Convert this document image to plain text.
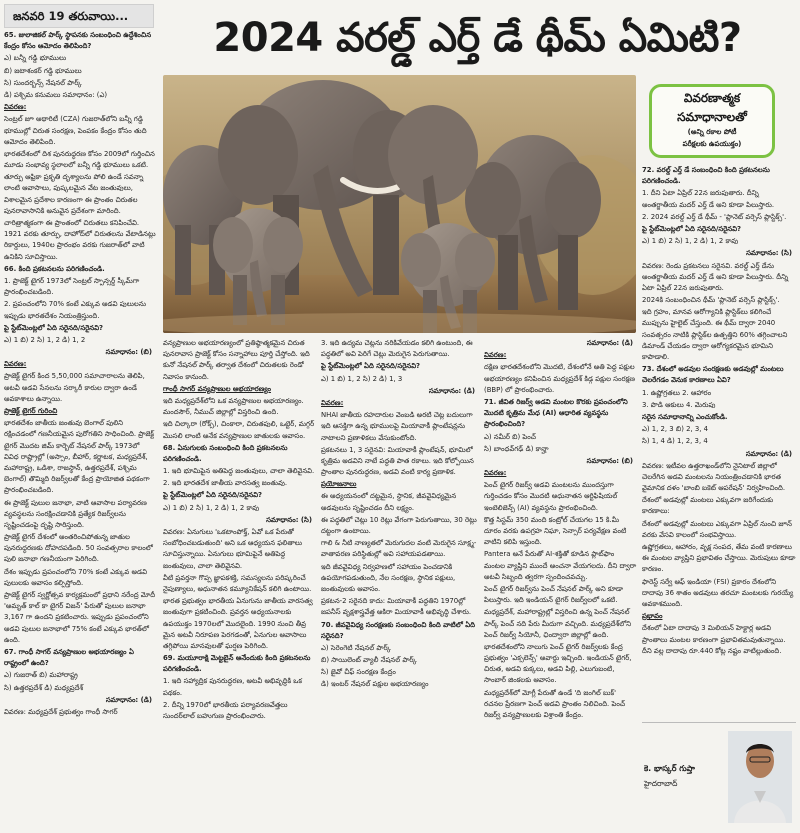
జనవరి 19 తరువాయి...	2024 వరల్డ్ ఎర్త్ డే థీమ్ ఏమిటి?
65. జులాజికల్ పార్క్ స్థాపనకు సంబంధించి ఉద్దేశించిన కేంద్రం కోసం ఆమోదం తెలిపింది?
ఎ) బన్నీ గడ్డి భూములు
బి) జటాశంకర్ గడ్డి భూములు
సి) సుందర్బన్స్ నేషనల్ పార్క్
డి) పశ్చిమ కనుమలు సమాధానం: (ఎ)
వివరణ:
సెంట్రల్ జూ అథారిటీ (CZA) గుజరాత్‌లోని బన్నీ గడ్డి భూముల్లో చిరుత సంరక్షణ, పెంపకం కేంద్రం కోసం తుది ఆమోదం తెలిపింది.
భారతదేశంలో దిశ పునరుద్ధరణ కోసం 2009లో గుర్తించిన మూడు సంభావ్య స్థలాలలో బన్నీ గడ్డి భూములు ఒకటి.
తూర్పు ఆఫ్రికా ప్రకృతి దృశ్యాలను పోలి ఉండే సవన్నా లాంటి ఆవాసాలు, పుష్కలమైన వేట జంతువులు, విశాలమైన ప్రదేశాల కారణంగా ఈ ప్రాంతం చిరుతల పునరావాసానికి అనువైన ప్రదేశంగా మారింది.
చారిత్రాత్మకంగా ఈ ప్రాంతంలో చిరుతలు కనిపించేవి. 1921 వరకు తూర్పు, దాహోద్‌లో చిరుతలను వేటాడినట్లు రికార్డులు, 1940ల ప్రారంభం వరకు గుజరాత్‌లో వాటి ఉనికిని సూచిస్తాయి.
66. కింది ప్రకటనలను పరిగణించండి.
1. ప్రాజెక్ట్ టైగర్ 1973లో సెంట్రల్ స్పాన్సర్డ్ స్కీమ్‌గా ప్రారంభించబడింది.
2. ప్రపంచంలోని 70% కంటే ఎక్కువ అడవి పులులను ఇప్పుడు భారతదేశం నియంత్రిస్తుంది.
పై స్టేట్‌మెంట్లలో ఏది సరైనది/సరైనవి?
ఎ) 1 బి) 2 సి) 1, 2 డి) 1, 2
సమాధానం: (బి)
వివరణ:
ప్రాజెక్ట్ టైగర్ కింద 5,50,000 సమాచారాలను తెలిపి, అటవీ అడవి సేనలను సర్కారీ కారుల ద్వారా ఉండే అవకాశాలు ఉన్నాయి.
ప్రాజెక్ట్ టైగర్ గురించి
భారతదేశం జాతీయ జంతువు బెంగాల్ పులిని రక్షించడంలో గణనీయమైన పురోగతిని సాధించింది. ప్రాజెక్ట్ టైగర్ మొదట జిమ్ కార్బెట్ నేషనల్ పార్క్ 1973లో వివిధ రాష్ట్రాల్లో (అస్సాం, బీహార్, కర్ణాటక, మధ్యప్రదేశ్, మహారాష్ట్ర, ఒడిశా, రాజస్థాన్, ఉత్తరప్రదేశ్, పశ్చిమ బెంగాల్) తొమ్మిది రిజర్వ్‌లతో కేంద్ర ప్రాయోజిత పథకంగా ప్రారంభించబడింది.
ఈ ప్రాజెక్ట్ పులుల జనాభా, వాటి ఆవాసాల పర్యావరణ వ్యవస్థలను సంరక్షించడానికి ప్రత్యేక రిజర్వ్‌లను సృష్టించడంపై దృష్టి సారిస్తుంది.
ప్రాజెక్ట్ టైగర్ దేశంలో అంతరించిపోతున్న జాతుల పునరుద్ధరణకు దోహదపడింది. 50 సంవత్సరాల కాలంలో పులి జనాభా గణనీయంగా పెరిగింది.
దేశం ఇప్పుడు ప్రపంచంలోని 70% కంటే ఎక్కువ అడవి పులులకు ఆవాసం కల్పిస్తోంది.
ప్రాజెక్ట్ టైగర్ స్వర్ణోత్సవ కార్యక్రమంలో ప్రధాని నరేంద్ర మోదీ 'అమృత్ కాల్ కా టైగర్ విజన్' పేరుతో పులుల జనాభా 3,167 గా ఉందని ప్రకటించారు. ఇప్పుడు ప్రపంచంలోని అడవి పులుల జనాభాలో 75% కంటే ఎక్కువ భారత్‌లో ఉంది.
67. గాంధీ సాగర్ వన్యప్రాణుల అభయారణ్యం ఏ రాష్ట్రంలో ఉంది?
ఎ) గుజరాత్ బి) మహారాష్ట్ర
సి) ఉత్తరప్రదేశ్ డి) మధ్యప్రదేశ్
సమాధానం: (డి)
వివరణ: మధ్యప్రదేశ్ ప్రభుత్వం గాంధీ సాగర్
వివరణాత్మక
సమాధానాలతో
(అన్ని రకాల పోటీ
పరీక్షలకు ఉపయుక్తం)
వన్యప్రాణుల అభయారణ్యంలో ప్రతిష్ఠాత్మకమైన చిరుత పునరావాస ప్రాజెక్ట్ కోసం సన్నాహాలు పూర్తి చేస్తోంది. ఇది కునో నేషనల్ పార్క్ తర్వాత దేశంలో చిరుతలకు రెండో నివాసం కానుంది.
గాంధీ సాగర్ వన్యప్రాణుల అభయారణ్యం
ఇది మధ్యప్రదేశ్‌లోని ఒక వన్యప్రాణుల అభయారణ్యం. మందసౌర్, నీముచ్ జిల్లాల్లో విస్తరించి ఉంది.
ఇది చిల్కారా (రోక్స్), చింకారా, చిరుతపులి, ఒట్టెర్, మగ్గర్ మొసలి లాంటి అనేక వన్యప్రాణుల జాతులకు ఆవాసం.
68. ఏనుగులకు సంబంధించి కింది ప్రకటనలను పరిగణించండి.
1. ఇది భూమిపైన అతిపెద్ద జంతువులు, చాలా తెలివైనవి.
2. ఇది భారతదేశ జాతీయ వారసత్వ జంతువు.
పై స్టేట్‌మెంట్లలో ఏది సరైనది/సరైనవి?
ఎ) 1 బి) 2 సి) 1, 2 డి) 1, 2 కావు
సమాధానం: (సి)
వివరణ: ఏనుగులు 'ఒకటాంపోక్త్, ఏవో ఒక పేరుతో సంబోధించబడుతుంది' అని ఒక ఆధ్యయన ఫలితాలు సూచిస్తున్నాయి. ఏనుగులు భూమిపైనే అతిపెద్ద జంతువులు, చాలా తెలివైనవి.
వీటి ప్రవర్తనా గొప్ప జ్ఞాపకశక్తి, సమస్యలను పరిష్కరించే నైపుణ్యాలు, అధునాతన కమ్యూనికేషన్ కలిగి ఉంటాయి.
భారత ప్రభుత్వం భారతీయ ఏనుగును జాతీయ వారసత్వ జంతువుగా ప్రకటించింది. ప్రవర్తన అధ్యయనాలకు ఉపయుక్తం 1970లలో మొదలైంది. 1990 నుంచి తీవ్ర మైన అటవీ నిరూపణ పెరగడంతో, ఏనుగుల ఆవాసాలు తగ్గిపోయి మానవులతో ఘర్షణ పెరిగింది.
69. మయూరాక్షి మెట్టబైన్‌ అనేందుకు కింది ప్రకటనలను పరిగణించండి.
1. ఇది సహ్యాద్రిక పునరుద్ధరణ, అటవీ అభివృద్ధికి ఒక పథకం.
2. దీన్ని 1970లో భారతీయ పర్యావరణవేత్తలు సుందర్‌లాల్ బహుగుణ ప్రారంభించారు.
3. ఇది ఉద్యమ చెట్లను నరికివేయడం కలిగి ఉంటుంది, ఈ పద్ధతిలో అవి పెరిగే చెట్లు మెరుగైన పెరుగుతాయి.
పై స్టేట్‌మెంట్లలో ఏది సరైనది/సరైనవి?
ఎ) 1 బి) 1, 2 సి) 2 డి) 1, 3
సమాధానం: (డి)
వివరణ:
NHAI జాతీయ రహదారుల వెంబడి అరటి చెట్ల బదులుగా ఇది ఆసక్తిగా ఉన్న భూములపై మియావాకీ ప్లాంటేషన్లను నాటాలని ప్రణాళికలు వేసుకుంటోంది.
ప్రకటనలు 1, 3 సరైనవి: మియావాకీ ప్లాంటేషన్, భూమిలో కృత్రిమ అడవిని నాటే పద్ధతి పాత రకాలు. ఇది కోల్పోయిన ప్రాంతాల పునరుద్ధరణ, అడవి వంటి కార్య ప్రణాళిక.
ప్రయోజనాలు
ఈ అధ్యయనంలో దట్టమైన, స్థానిక, జీవవైవిధ్యమైన అడవులను సృష్టించడం దీని లక్ష్యం.
ఈ పద్ధతిలో చెట్లు 10 రెట్లు వేగంగా పెరుగుతాయి, 30 రెట్లు దట్టంగా ఉంటాయి.
గాలి & నీటి నాణ్యతలో మెరుగుదల వంటి మెరుగైన సూక్ష్మ-వాతావరణ పరిస్థితుల్లో అవి సహాయపడతాయి.
ఇది జీవవైవిధ్య నిర్వహణలో సహాయం పెంచడానికి ఉపయోగపడుతుంది, నేల సంరక్షణ, స్థానిక పక్షులు, జంతువులకు ఆవాసం.
ప్రకటన-2 సరైనది కాదు: మియావాకీ పద్ధతిని 1970ల్లో జపనీస్ వృక్షశాస్త్రవేత్త అకిరా మియావాకీ అభివృద్ధి చేశారు.
70. జీవవైవిధ్య సంరక్షణకు సంబంధించి కింది వాటిలో ఏది సరైనది?
ఎ) సెరెంగెటి నేషనల్ పార్క్
బి) సాయిలెంట్ వ్యాలీ నేషనల్ పార్క్
సి) జైవో చీఫ్ సంరక్షణ కేంద్రం
డి) ఇంటర్ నేషనల్ పక్షుల అభయారణ్యం
సమాధానం: (డి)
వివరణ:
దక్షిణ భారతదేశంలోని మొదటి, దేశంలోనే అతి పెద్ద పక్షుల అభయారణ్యం కనిపించిన మధ్యప్రదేశ్ కిడ్గ పక్షుల సంరక్షణ (BBP) లో ప్రారంభించారు.
71. జీవిత రిజర్వ్ అడవి మంటల కొరకు ప్రపంచంలోని మొదటి కృత్రిమ మేధ (AI) ఆధారిత వ్యవస్థను ప్రారంభించింది?
ఎ) నమీర్ బి) పెంచ్
సి) బాంధవ్‌గఢ్ డి) కాన్హా
సమాధానం: (బి)
వివరణ:
పెంచ్ టైగర్ రిజర్వ్ అడవి మంటలను ముందస్తుగా గుర్తించడం కోసం మొదటి అధునాతన ఆర్టిఫిషియల్ ఇంటెలిజెన్స్ (AI) వ్యవస్థను ప్రారంభించింది.
కొత్త సిస్టమ్ 350 మంది కంట్రోల్ చేయగల 15 కి.మీ దూరం వరకు ఉపగ్రహ నిఘా, సెన్సార్ పర్యవేక్షణ వంటి వాటిని కలిపి ఇస్తుంది.
Pantera అనే పేరుతో AI-శక్తితో కూడిన ప్లాట్‌ఫాం మంటల వ్యాప్తిని ముందే అంచనా వేయగలదు. దీని ద్వారా అటవీ సిబ్బంది త్వరగా స్పందించవచ్చు.
పెంచ్ టైగర్ రిజర్వ్‌ను పెంచ్ నేషనల్ పార్క్ అని కూడా పిలుస్తారు. ఇది ఇండియన్ టైగర్ రిజర్వ్‌లలో ఒకటి.
మధ్యప్రదేశ్, మహారాష్ట్రల్లో విస్తరించి ఉన్న పెంచ్ నేషనల్ పార్క్ పెంచ్ నది పేరు మీదుగా వచ్చింది. మధ్యప్రదేశ్‌లోని పెంచ్ రిజర్వ్ సియోనీ, ఛింద్వారా జిల్లాల్లో ఉంది.
భారతదేశంలోని నాలుగు పెంచ్ టైగర్ రిజర్వ్‌లకు కేంద్ర ప్రభుత్వం 'ఎక్సలెన్స్' అవార్డు ఇచ్చింది. ఇండియన్ టైగర్, చిరుత, అడవి కుక్కలు, అడవి పిల్లి, ఎలుగుబంటి, సాంబార్ జింకలకు ఆవాసం.
మధ్యప్రదేశ్‌లో మోగ్లీ పేరుతో ఉండే 'ది జంగిల్ బుక్' రచనల ప్రేరణగా పెంచ్ అడవి ప్రాంతం నిలిచింది. పెంచ్ రిజర్వ్ వన్యప్రాణులకు విశ్రాంతి కేంద్రం.
72. వరల్డ్ ఎర్త్ డే సంబంధించి కింది ప్రకటనలను పరిగణించండి.
1. దీని ఏటా ఏప్రిల్ 22న జరుపుతారు. దీన్ని అంతర్జాతీయ మదర్ ఎర్త్ డే అని కూడా పిలుస్తారు.
2. 2024 వరల్డ్ ఎర్త్ డే థీమ్ - 'ప్లానెట్ వర్సెస్ ప్లాస్టిక్స్'.
పై స్టేట్‌మెంట్లలో ఏది సరైనది/సరైనవి?
ఎ) 1 బి) 2 సి) 1, 2 డి) 1, 2 కావు
సమాధానం: (సి)
వివరణ: రెండు ప్రకటనలు సరైనవి. వరల్డ్ ఎర్త్ డేను అంతర్జాతీయ మదర్ ఎర్త్ డే అని కూడా పిలుస్తారు. దీన్ని ఏటా ఏప్రిల్ 22న జరుపుతారు.
2024కి సంబంధించిన థీమ్ 'ప్లానెట్ వర్సెస్ ప్లాస్టిక్స్'.
ఇది గ్రహం, మానవ ఆరోగ్యానికి ప్లాస్టిక్‌లు కలిగించే ముప్పును హైలైట్ చేస్తుంది. ఈ థీమ్ ద్వారా 2040 సంవత్సరం నాటికి ప్లాస్టిక్‌ల ఉత్పత్తిని 60% తగ్గించాలని డిమాండ్ చేయడం ద్వారా ఆరోగ్యకరమైన భూమిని కాపాడాలి.
73. దేశంలో అడవుల సంరక్షణకు అడవుల్లో మంటలు చెలరేగడం వెనుక కారణాలు ఏవి?
1. ఉష్ణోగ్రతలు 2. ఆహారం
3. పొడి ఆకులు 4. మెరుపు
సరైన సమాధానాన్ని ఎంచుకోండి.
ఎ) 1, 2, 3 బి) 2, 3, 4
సి) 1, 4 డి) 1, 2, 3, 4
సమాధానం: (డి)
వివరణ: ఇటీవల ఉత్తరాఖండ్‌లోని నైనిటాల్ జిల్లాలో చెలరేగిన అడవి మంటలను నియంత్రించడానికి భారత వైమానిక దళం 'బాంబి బకెట్ ఆపరేషన్' నిర్వహించింది.
దేశంలో అడవుల్లో మంటలు ఎక్కువగా జరిగేందుకు కారణాలు:
దేశంలో అడవుల్లో మంటలు ఎక్కువగా ఏప్రిల్ నుంచి జూన్ వరకు వేసవి కాలంలో సంభవిస్తాయి.
ఉష్ణోగ్రతలు, ఆహారం, వృక్ష సంపద, తేమ వంటి కారణాలు ఈ మంటల వ్యాప్తిని ప్రభావితం చేస్తాయి. మెరుపులు కూడా కారణం.
ఫారెస్ట్ సర్వే ఆఫ్ ఇండియా (FSI) ప్రకారం దేశంలోని దాదాపు 36 శాతం అడవులు తరచూ మంటలకు గురయ్యే అవకాశముంది.
ప్రభావం
దేశంలో ఏటా దాదాపు 3 మిలియన్ హెక్టార్ల అడవి ప్రాంతాలు మంటల కారణంగా ప్రభావితమవుతున్నాయి. దీని వల్ల దాదాపు రూ.440 కోట్ల నష్టం వాటిల్లుతుంది.
కె. భాస్కర్ గుప్తా
హైదరాబాద్
